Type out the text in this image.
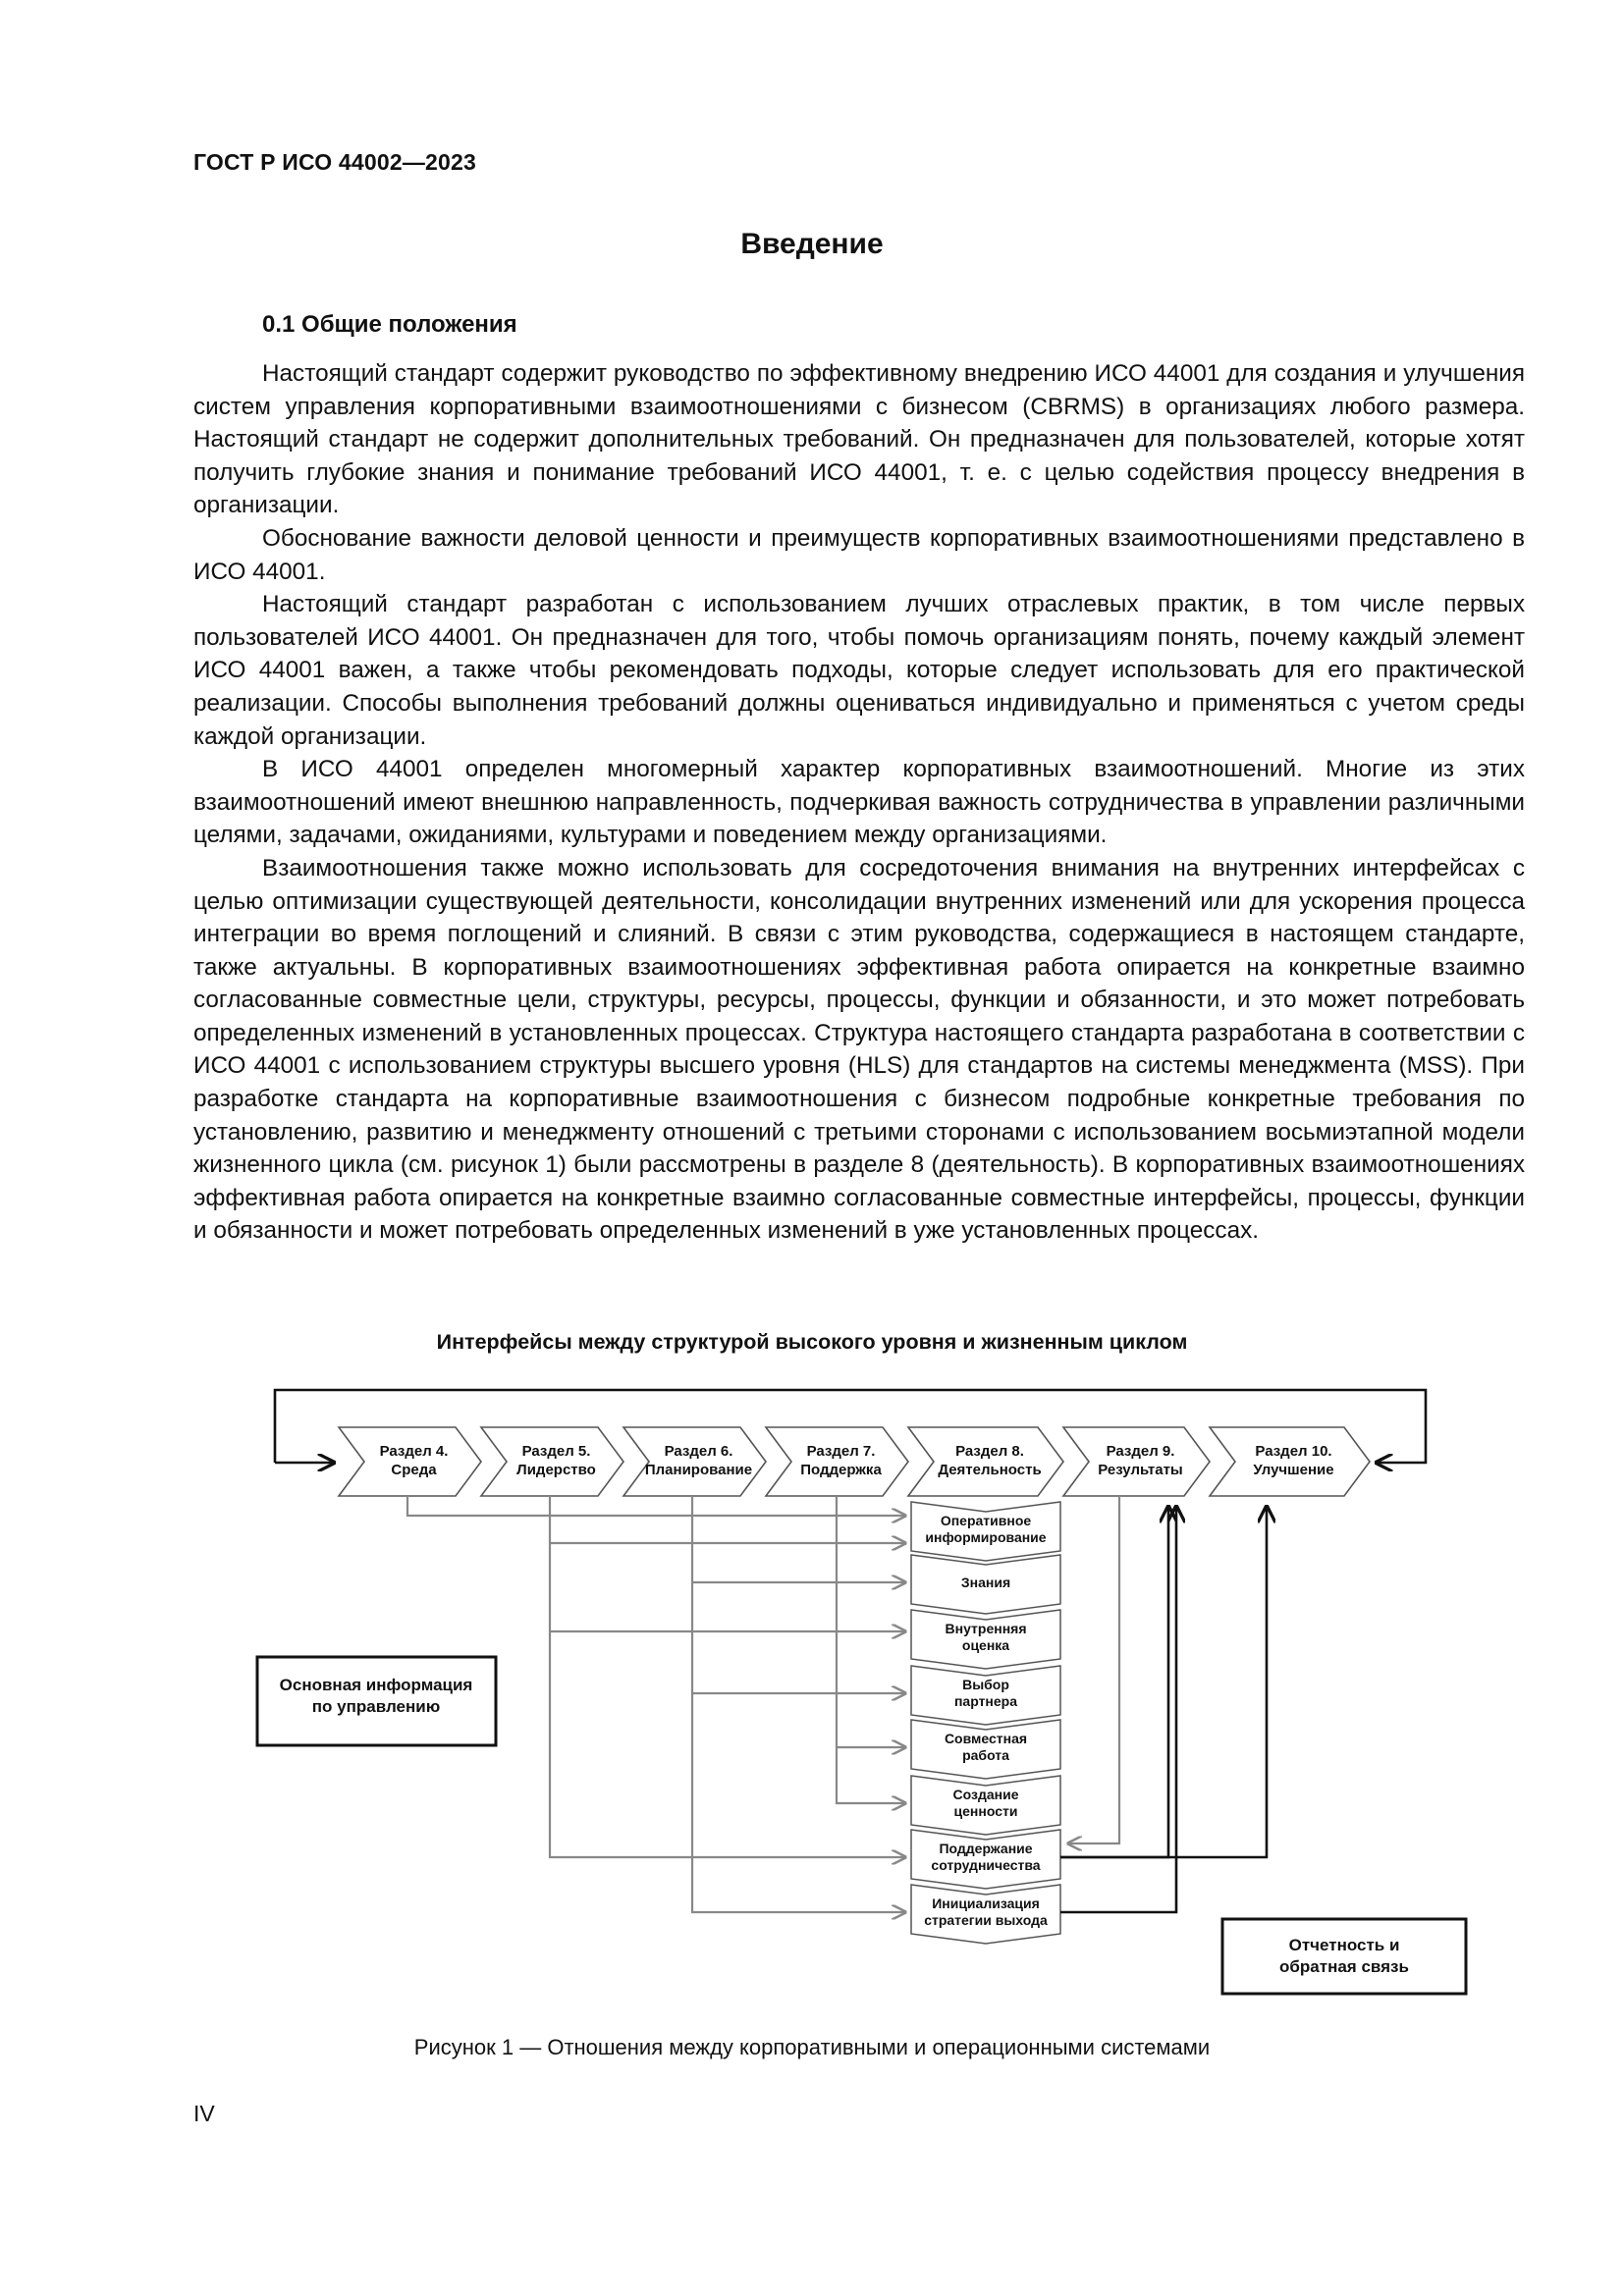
ГОСТ Р ИСО 44002—2023
Введение
0.1 Общие положения

Настоящий стандарт содержит руководство по эффективному внедрению ИСО 44001 для создания и улучшения систем управления корпоративными взаимоотношениями с бизнесом (CBRMS) в организациях любого размера. Настоящий стандарт не содержит дополнительных требований. Он предназначен для пользователей, которые хотят получить глубокие знания и понимание требований ИСО 44001, т. е. с целью содействия процессу внедрения в организации.

Обоснование важности деловой ценности и преимуществ корпоративных взаимоотношениями представлено в ИСО 44001.

Настоящий стандарт разработан с использованием лучших отраслевых практик, в том числе первых пользователей ИСО 44001. Он предназначен для того, чтобы помочь организациям понять, почему каждый элемент ИСО 44001 важен, а также чтобы рекомендовать подходы, которые следует использовать для его практической реализации. Способы выполнения требований должны оцениваться индивидуально и применяться с учетом среды каждой организации.

В ИСО 44001 определен многомерный характер корпоративных взаимоотношений. Многие из этих взаимоотношений имеют внешнюю направленность, подчеркивая важность сотрудничества в управлении различными целями, задачами, ожиданиями, культурами и поведением между организациями.

Взаимоотношения также можно использовать для сосредоточения внимания на внутренних интерфейсах с целью оптимизации существующей деятельности, консолидации внутренних изменений или для ускорения процесса интеграции во время поглощений и слияний. В связи с этим руководства, содержащиеся в настоящем стандарте, также актуальны. В корпоративных взаимоотношениях эффективная работа опирается на конкретные взаимно согласованные совместные цели, структуры, ресурсы, процессы, функции и обязанности, и это может потребовать определенных изменений в установленных процессах. Структура настоящего стандарта разработана в соответствии с ИСО 44001 с использованием структуры высшего уровня (HLS) для стандартов на системы менеджмента (MSS). При разработке стандарта на корпоративные взаимоотношения с бизнесом подробные конкретные требования по установлению, развитию и менеджменту отношений с третьими сторонами с использованием восьмиэтапной модели жизненного цикла (см. рисунок 1) были рассмотрены в разделе 8 (деятельность). В корпоративных взаимоотношениях эффективная работа опирается на конкретные взаимно согласованные совместные интерфейсы, процессы, функции и обязанности и может потребовать определенных изменений в уже установленных процессах.

Интерфейсы между структурой высокого уровня и жизненным циклом
Раздел 4.
Среда
Раздел 5.
Лидерство
Раздел 6.
Планирование
Раздел 7.
Поддержка
Раздел 8.
Деятельность
Раздел 9.
Результаты
Раздел 10.
Улучшение
Оперативное
информирование
Знания
Внутренняя
оценка
Выбор
партнера
Совместная
работа
Создание
ценности
Поддержание
сотрудничества
Инициализация
стратегии выхода
Основная информация
по управлению
Отчетность и
обратная связь
Рисунок 1 — Отношения между корпоративными и операционными системами
IV
